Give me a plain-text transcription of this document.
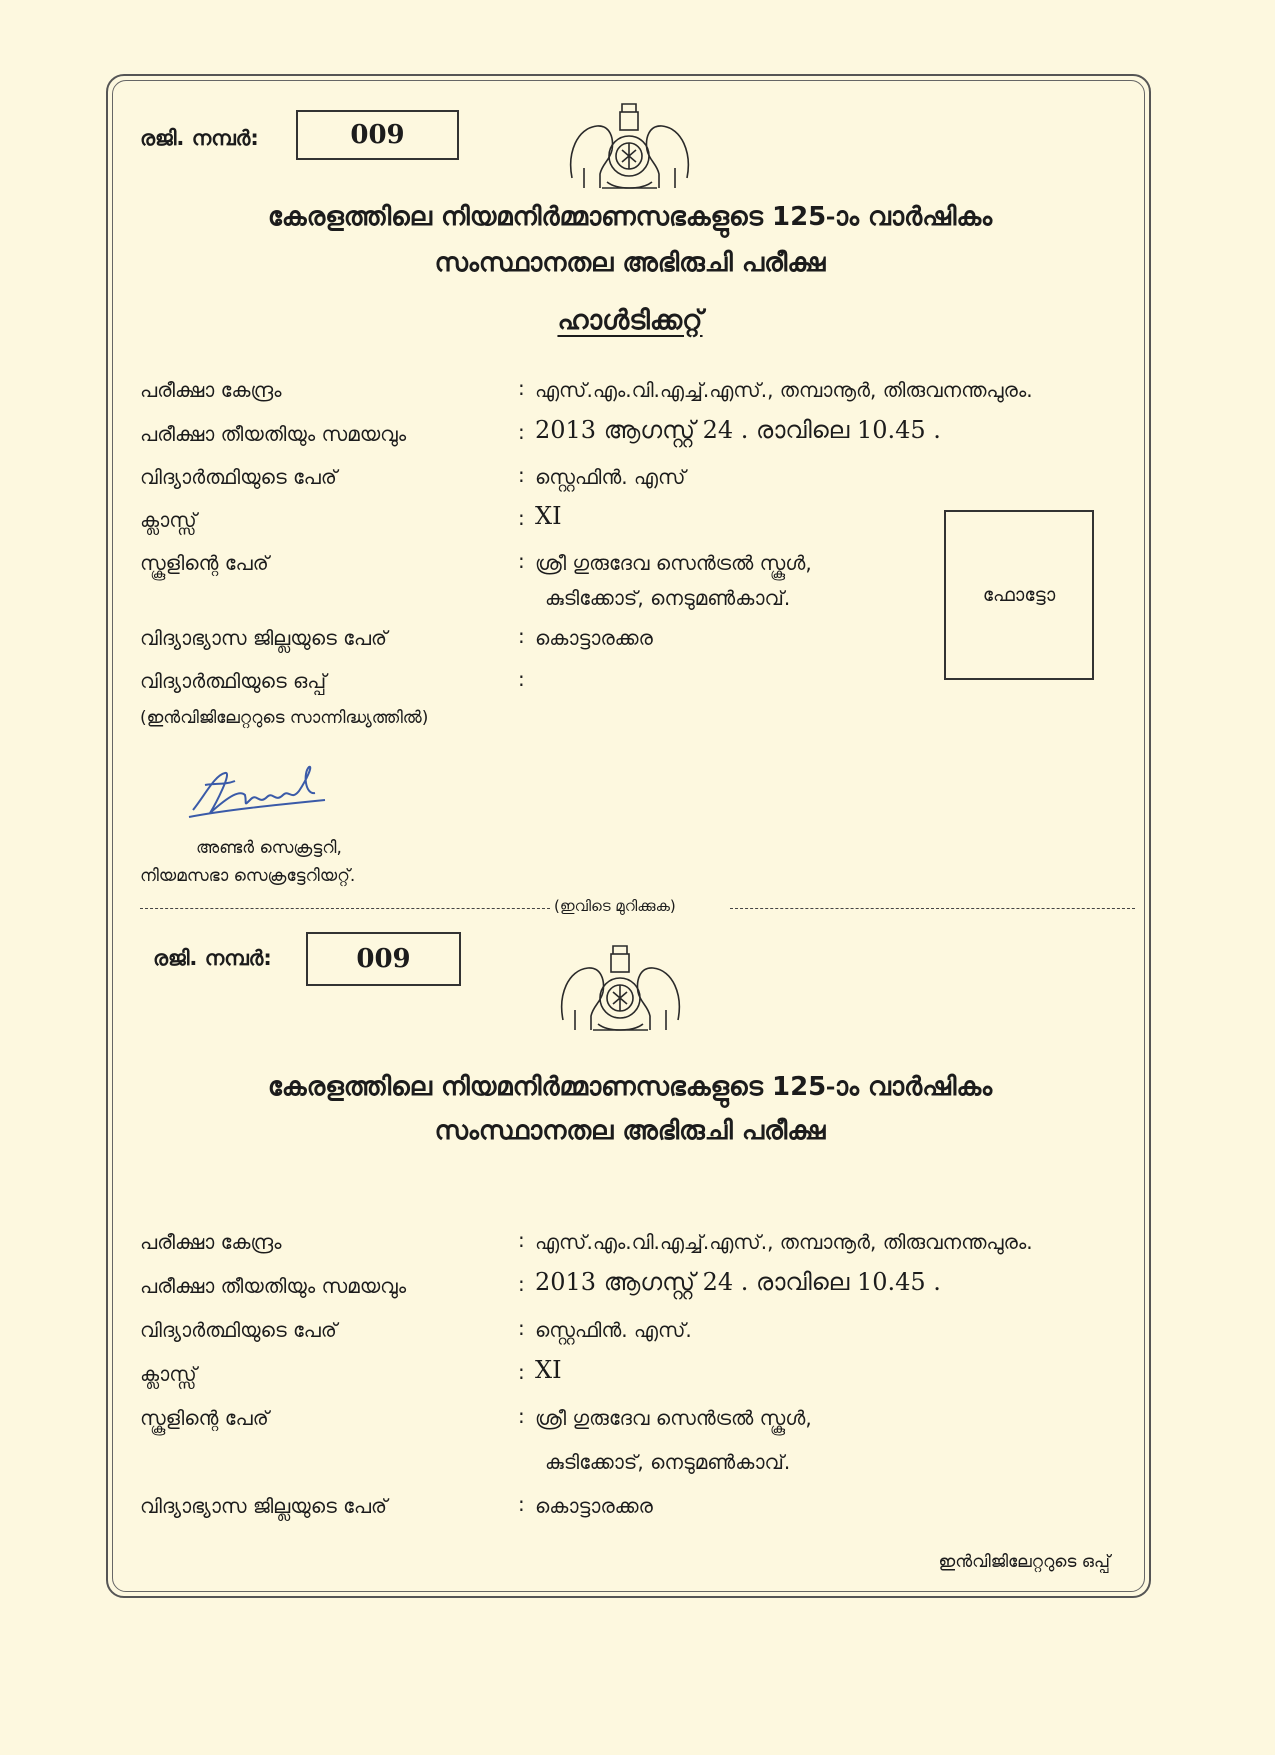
രജി. നമ്പർ:	009
കേരളത്തിലെ നിയമനിർമ്മാണസഭകളുടെ 125-ാം വാർഷികം
സംസ്ഥാനതല അഭിരുചി പരീക്ഷ
ഹാൾടിക്കറ്റ്
പരീക്ഷാ കേന്ദ്രം	: എസ്.എം.വി.എച്ച്.എസ്., തമ്പാനൂർ, തിരുവനന്തപുരം.
പരീക്ഷാ തീയതിയും സമയവും	: 2013 ആഗസ്റ്റ് 24 . രാവിലെ 10.45 .
വിദ്യാർത്ഥിയുടെ പേര്	: സ്റ്റെഫിൻ. എസ്
ക്ലാസ്സ്	: XI
സ്കൂളിന്റെ പേര്	: ശ്രീ ഗുരുദേവ സെൻട്രൽ സ്കൂൾ,
കുടിക്കോട്, നെടുമൺകാവ്.
വിദ്യാഭ്യാസ ജില്ലയുടെ പേര്	: കൊട്ടാരക്കര
വിദ്യാർത്ഥിയുടെ ഒപ്പ്	:
(ഇൻവിജിലേറ്ററുടെ സാന്നിദ്ധ്യത്തിൽ)
ഫോട്ടോ
അണ്ടർ സെക്രട്ടറി,
നിയമസഭാ സെക്രട്ടേറിയറ്റ്.
(ഇവിടെ മുറിക്കുക)
രജി. നമ്പർ:	009
കേരളത്തിലെ നിയമനിർമ്മാണസഭകളുടെ 125-ാം വാർഷികം
സംസ്ഥാനതല അഭിരുചി പരീക്ഷ
പരീക്ഷാ കേന്ദ്രം	: എസ്.എം.വി.എച്ച്.എസ്., തമ്പാനൂർ, തിരുവനന്തപുരം.
പരീക്ഷാ തീയതിയും സമയവും	: 2013 ആഗസ്റ്റ് 24 . രാവിലെ 10.45 .
വിദ്യാർത്ഥിയുടെ പേര്	: സ്റ്റെഫിൻ. എസ്.
ക്ലാസ്സ്	: XI
സ്കൂളിന്റെ പേര്	: ശ്രീ ഗുരുദേവ സെൻട്രൽ സ്കൂൾ,
കുടിക്കോട്, നെടുമൺകാവ്.
വിദ്യാഭ്യാസ ജില്ലയുടെ പേര്	: കൊട്ടാരക്കര
ഇൻവിജിലേറ്ററുടെ ഒപ്പ്
